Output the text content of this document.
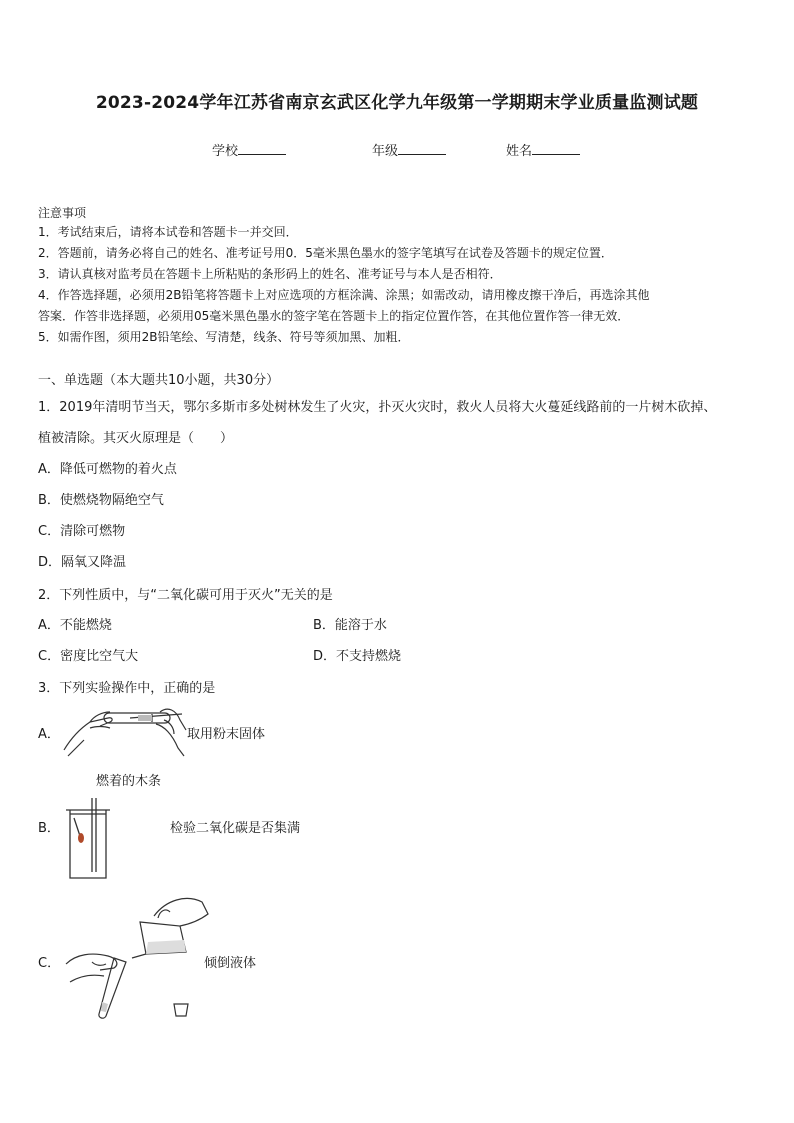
2023-2024学年江苏省南京玄武区化学九年级第一学期期末学业质量监测试题
学校	年级	姓名
注意事项
1．考试结束后，请将本试卷和答题卡一并交回．
2．答题前，请务必将自己的姓名、准考证号用0．5毫米黑色墨水的签字笔填写在试卷及答题卡的规定位置．
3．请认真核对监考员在答题卡上所粘贴的条形码上的姓名、准考证号与本人是否相符．
4．作答选择题，必须用2B铅笔将答题卡上对应选项的方框涂满、涂黑；如需改动，请用橡皮擦干净后，再选涂其他
答案．作答非选择题，必须用05毫米黑色墨水的签字笔在答题卡上的指定位置作答，在其他位置作答一律无效．
5．如需作图，须用2B铅笔绘、写清楚，线条、符号等须加黑、加粗．
一、单选题（本大题共10小题，共30分）
1．2019年清明节当天，鄂尔多斯市多处树林发生了火灾，扑灭火灾时，救火人员将大火蔓延线路前的一片树木砍掉、
植被清除。其灭火原理是（　　）
A．降低可燃物的着火点
B．使燃烧物隔绝空气
C．清除可燃物
D．隔氧又降温
2．下列性质中，与“二氧化碳可用于灭火”无关的是
A．不能燃烧	B．能溶于水
C．密度比空气大	D．不支持燃烧
3．下列实验操作中，正确的是
A．	取用粉末固体
燃着的木条
B．	检验二氧化碳是否集满
C．	倾倒液体
